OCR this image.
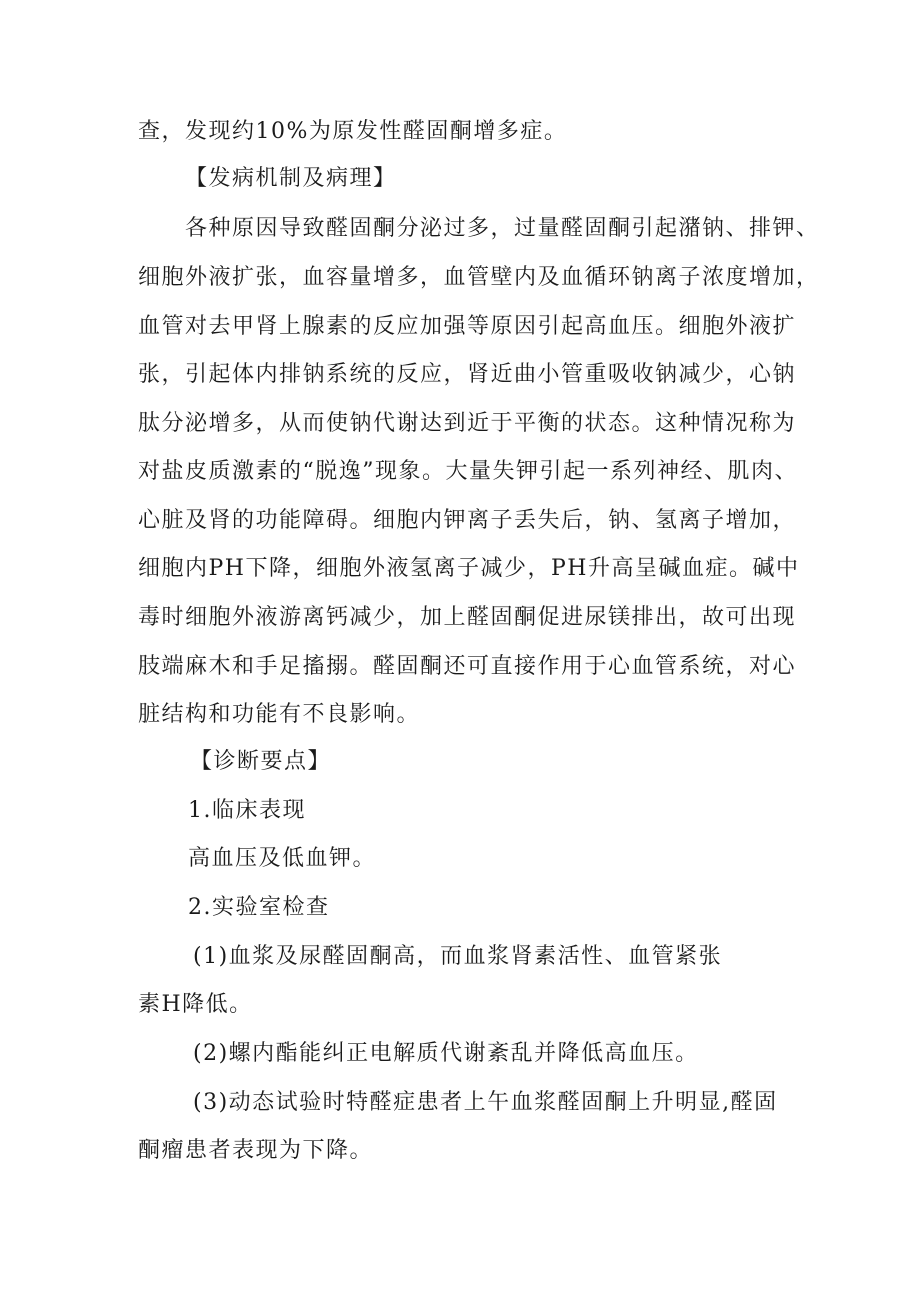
查，发现约10%为原发性醛固酮增多症。
【发病机制及病理】
各种原因导致醛固酮分泌过多，过量醛固酮引起潴钠、排钾、
细胞外液扩张，血容量增多，血管壁内及血循环钠离子浓度增加，
血管对去甲肾上腺素的反应加强等原因引起高血压。细胞外液扩
张，引起体内排钠系统的反应，肾近曲小管重吸收钠减少，心钠
肽分泌增多，从而使钠代谢达到近于平衡的状态。这种情况称为
对盐皮质激素的“脱逸”现象。大量失钾引起一系列神经、肌肉、
心脏及肾的功能障碍。细胞内钾离子丢失后，钠、氢离子增加，
细胞内PH下降，细胞外液氢离子减少，PH升高呈碱血症。碱中
毒时细胞外液游离钙减少，加上醛固酮促进尿镁排出，故可出现
肢端麻木和手足搐搦。醛固酮还可直接作用于心血管系统，对心
脏结构和功能有不良影响。
【诊断要点】
1.临床表现
高血压及低血钾。
2.实验室检查
(1)血浆及尿醛固酮高，而血浆肾素活性、血管紧张
素H降低。
(2)螺内酯能纠正电解质代谢紊乱并降低高血压。
(3)动态试验时特醛症患者上午血浆醛固酮上升明显,醛固
酮瘤患者表现为下降。
